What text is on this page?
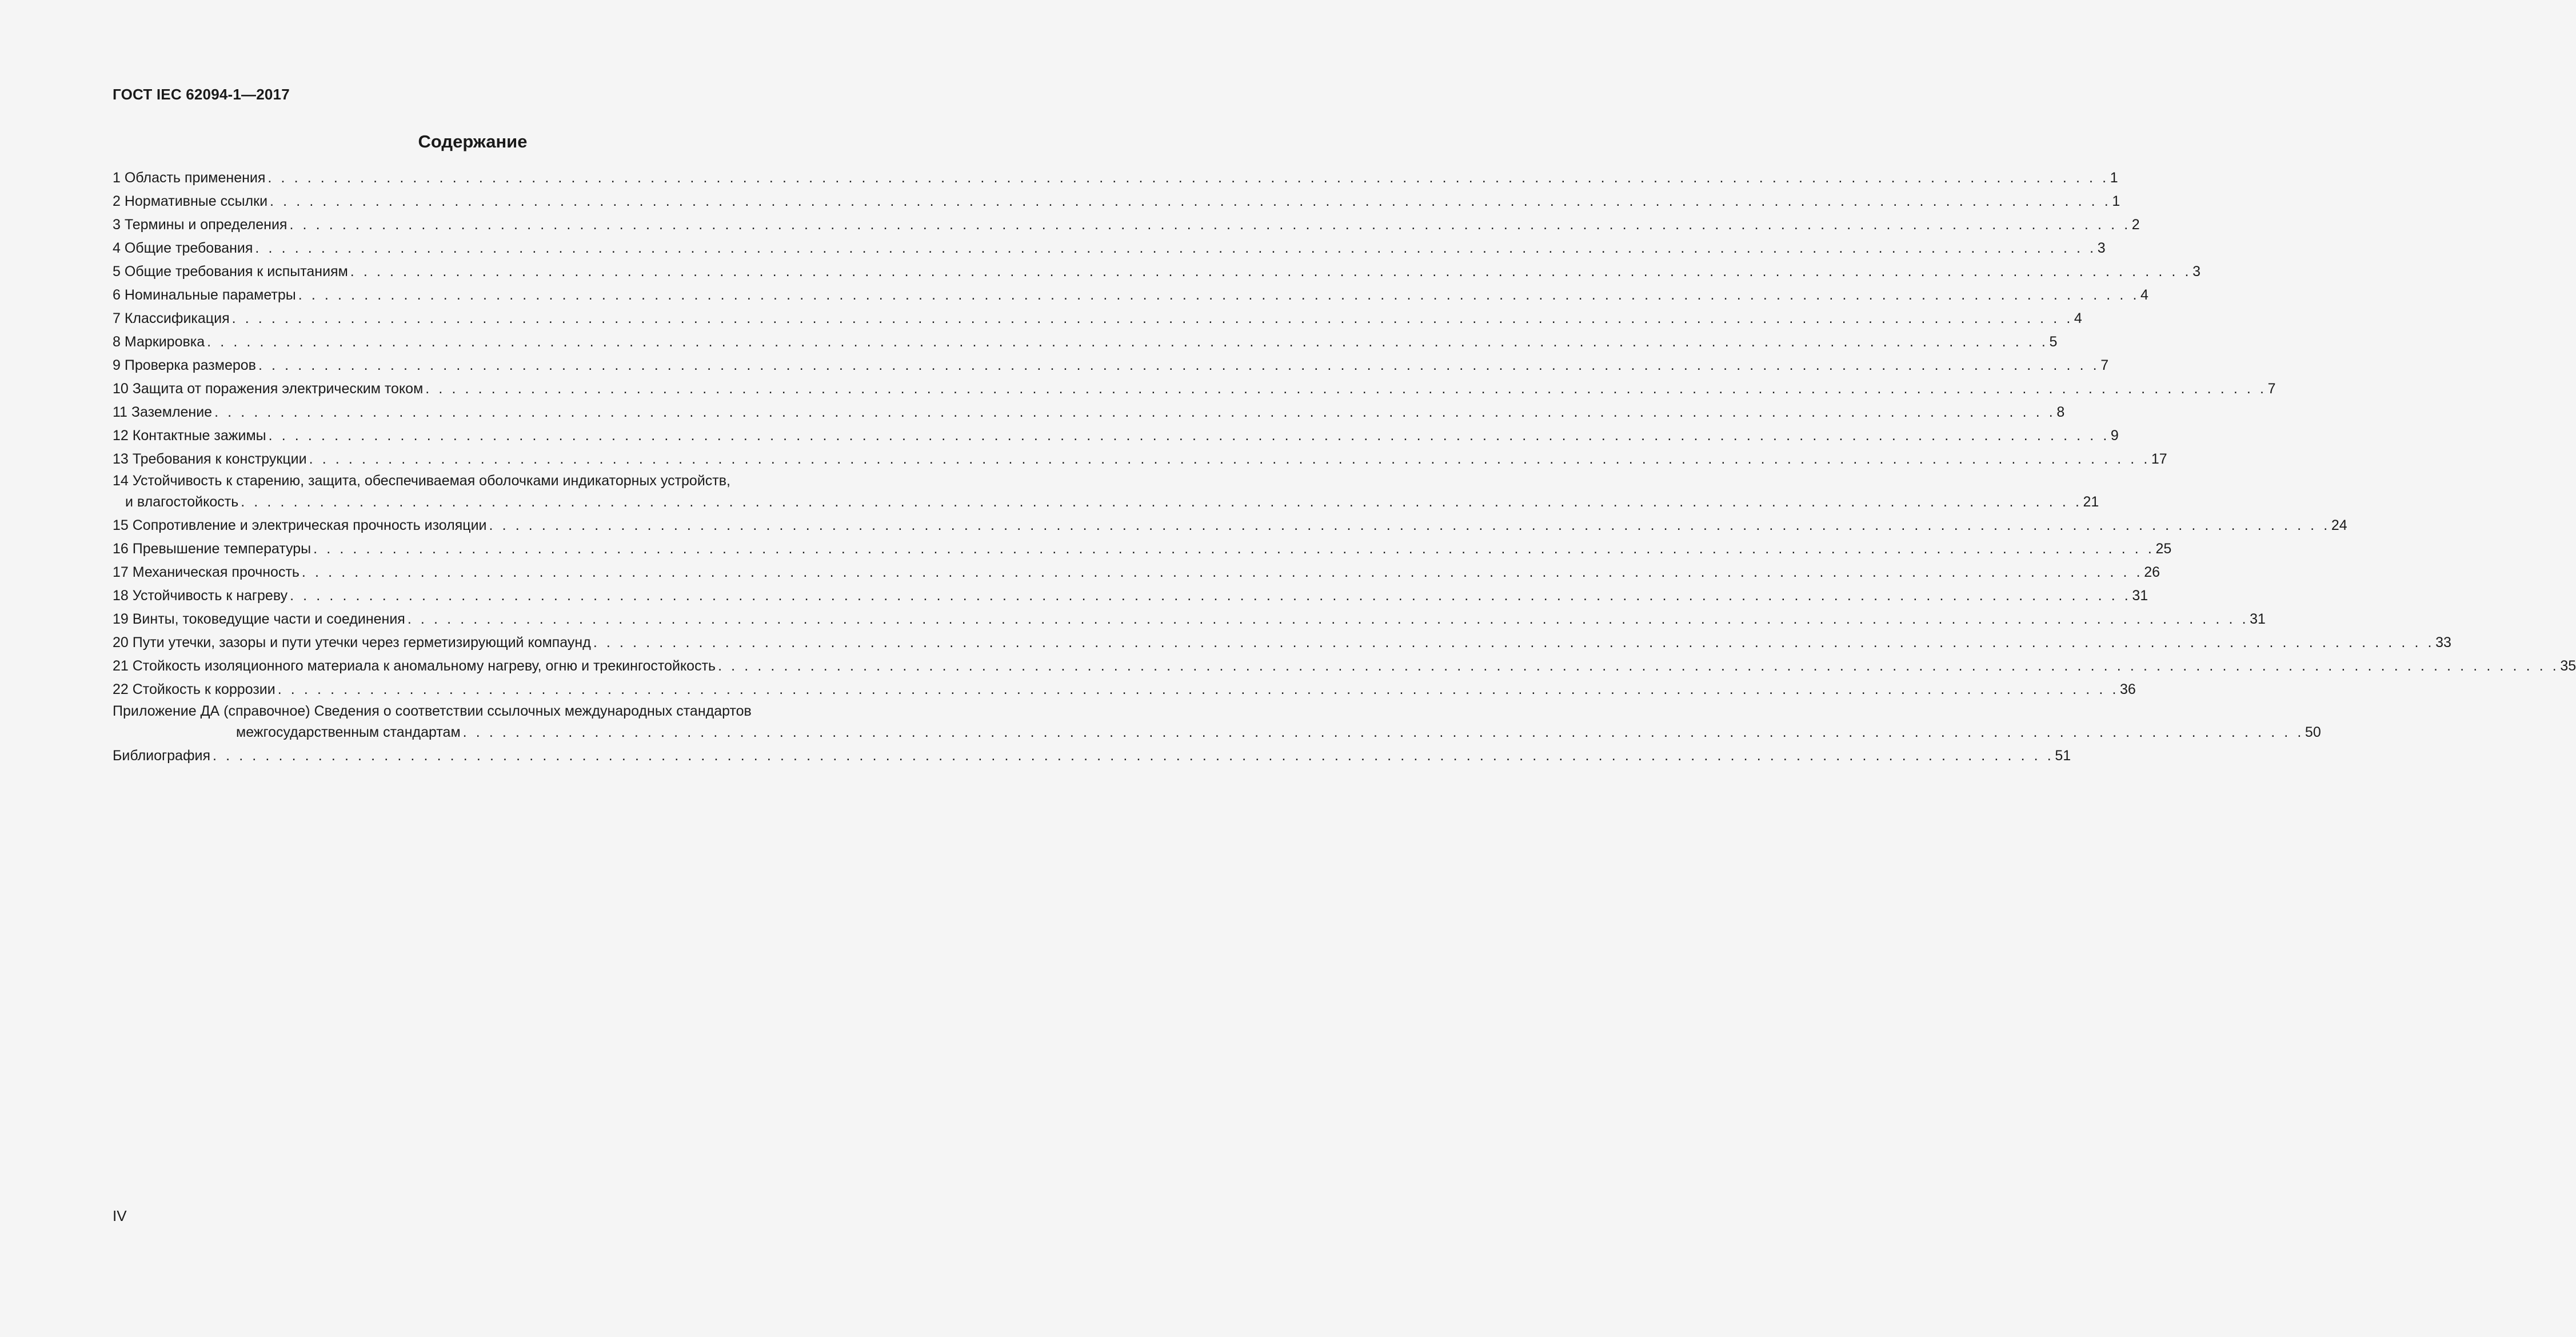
ГОСТ IEC 62094-1—2017
Содержание
1 Область применения . . . . . . . . . . . . . . . . . . . . . . . . . . . . . . . . . . . . . . . . . . . . . . . . . . . . . . . . . . . . . . . . . . . . . . . . . . . . . . . . . . . . . . . . . . . . . . . . . . . . . . . . . . . . . . . . . . . . . . . . . . . . . . . . . . . . . . . . . . . . 1
2 Нормативные ссылки . . . . . . . . . . . . . . . . . . . . . . . . . . . . . . . . . . . . . . . . . . . . . . . . . . . . . . . . . . . . . . . . . . . . . . . . . . . . . . . . . . . . . . . . . . . . . . . . . . . . . . . . . . . . . . . . . . . . . . . . . . . . . . . . . . . . . . . . . . . . 1
3 Термины и определения . . . . . . . . . . . . . . . . . . . . . . . . . . . . . . . . . . . . . . . . . . . . . . . . . . . . . . . . . . . . . . . . . . . . . . . . . . . . . . . . . . . . . . . . . . . . . . . . . . . . . . . . . . . . . . . . . . . . . . . . . . . . . . . . . . . . . . . . . . . . 2
4 Общие требования . . . . . . . . . . . . . . . . . . . . . . . . . . . . . . . . . . . . . . . . . . . . . . . . . . . . . . . . . . . . . . . . . . . . . . . . . . . . . . . . . . . . . . . . . . . . . . . . . . . . . . . . . . . . . . . . . . . . . . . . . . . . . . . . . . . . . . . . . . . . 3
5 Общие требования к испытаниям . . . . . . . . . . . . . . . . . . . . . . . . . . . . . . . . . . . . . . . . . . . . . . . . . . . . . . . . . . . . . . . . . . . . . . . . . . . . . . . . . . . . . . . . . . . . . . . . . . . . . . . . . . . . . . . . . . . . . . . . . . . . . . . . . . . . . . . . . . . . 3
6 Номинальные параметры . . . . . . . . . . . . . . . . . . . . . . . . . . . . . . . . . . . . . . . . . . . . . . . . . . . . . . . . . . . . . . . . . . . . . . . . . . . . . . . . . . . . . . . . . . . . . . . . . . . . . . . . . . . . . . . . . . . . . . . . . . . . . . . . . . . . . . . . . . . . 4
7 Классификация . . . . . . . . . . . . . . . . . . . . . . . . . . . . . . . . . . . . . . . . . . . . . . . . . . . . . . . . . . . . . . . . . . . . . . . . . . . . . . . . . . . . . . . . . . . . . . . . . . . . . . . . . . . . . . . . . . . . . . . . . . . . . . . . . . . . . . . . . . . . 4
8 Маркировка . . . . . . . . . . . . . . . . . . . . . . . . . . . . . . . . . . . . . . . . . . . . . . . . . . . . . . . . . . . . . . . . . . . . . . . . . . . . . . . . . . . . . . . . . . . . . . . . . . . . . . . . . . . . . . . . . . . . . . . . . . . . . . . . . . . . . . . . . . . . 5
9 Проверка размеров . . . . . . . . . . . . . . . . . . . . . . . . . . . . . . . . . . . . . . . . . . . . . . . . . . . . . . . . . . . . . . . . . . . . . . . . . . . . . . . . . . . . . . . . . . . . . . . . . . . . . . . . . . . . . . . . . . . . . . . . . . . . . . . . . . . . . . . . . . . . 7
10 Защита от поражения электрическим током . . . . . . . . . . . . . . . . . . . . . . . . . . . . . . . . . . . . . . . . . . . . . . . . . . . . . . . . . . . . . . . . . . . . . . . . . . . . . . . . . . . . . . . . . . . . . . . . . . . . . . . . . . . . . . . . . . . . . . . . . . . . . . . . . . . . . . . . . . . . 7
11 Заземление . . . . . . . . . . . . . . . . . . . . . . . . . . . . . . . . . . . . . . . . . . . . . . . . . . . . . . . . . . . . . . . . . . . . . . . . . . . . . . . . . . . . . . . . . . . . . . . . . . . . . . . . . . . . . . . . . . . . . . . . . . . . . . . . . . . . . . . . . . . . 8
12 Контактные зажимы . . . . . . . . . . . . . . . . . . . . . . . . . . . . . . . . . . . . . . . . . . . . . . . . . . . . . . . . . . . . . . . . . . . . . . . . . . . . . . . . . . . . . . . . . . . . . . . . . . . . . . . . . . . . . . . . . . . . . . . . . . . . . . . . . . . . . . . . . . . . 9
13 Требования к конструкции . . . . . . . . . . . . . . . . . . . . . . . . . . . . . . . . . . . . . . . . . . . . . . . . . . . . . . . . . . . . . . . . . . . . . . . . . . . . . . . . . . . . . . . . . . . . . . . . . . . . . . . . . . . . . . . . . . . . . . . . . . . . . . . . . . . . . . . . . . . . 17
14 Устойчивость к старению, защита, обеспечиваемая оболочками индикаторных устройств,
и влагостойкость . . . . . . . . . . . . . . . . . . . . . . . . . . . . . . . . . . . . . . . . . . . . . . . . . . . . . . . . . . . . . . . . . . . . . . . . . . . . . . . . . . . . . . . . . . . . . . . . . . . . . . . . . . . . . . . . . . . . . . . . . . . . . . . . . . . . . . . . . . . . 21
15 Сопротивление и электрическая прочность изоляции . . . . . . . . . . . . . . . . . . . . . . . . . . . . . . . . . . . . . . . . . . . . . . . . . . . . . . . . . . . . . . . . . . . . . . . . . . . . . . . . . . . . . . . . . . . . . . . . . . . . . . . . . . . . . . . . . . . . . . . . . . . . . . . . . . . . . . . . . . . . 24
16 Превышение температуры . . . . . . . . . . . . . . . . . . . . . . . . . . . . . . . . . . . . . . . . . . . . . . . . . . . . . . . . . . . . . . . . . . . . . . . . . . . . . . . . . . . . . . . . . . . . . . . . . . . . . . . . . . . . . . . . . . . . . . . . . . . . . . . . . . . . . . . . . . . . 25
17 Механическая прочность . . . . . . . . . . . . . . . . . . . . . . . . . . . . . . . . . . . . . . . . . . . . . . . . . . . . . . . . . . . . . . . . . . . . . . . . . . . . . . . . . . . . . . . . . . . . . . . . . . . . . . . . . . . . . . . . . . . . . . . . . . . . . . . . . . . . . . . . . . . . 26
18 Устойчивость к нагреву . . . . . . . . . . . . . . . . . . . . . . . . . . . . . . . . . . . . . . . . . . . . . . . . . . . . . . . . . . . . . . . . . . . . . . . . . . . . . . . . . . . . . . . . . . . . . . . . . . . . . . . . . . . . . . . . . . . . . . . . . . . . . . . . . . . . . . . . . . . . 31
19 Винты, токоведущие части и соединения . . . . . . . . . . . . . . . . . . . . . . . . . . . . . . . . . . . . . . . . . . . . . . . . . . . . . . . . . . . . . . . . . . . . . . . . . . . . . . . . . . . . . . . . . . . . . . . . . . . . . . . . . . . . . . . . . . . . . . . . . . . . . . . . . . . . . . . . . . . . 31
20 Пути утечки, зазоры и пути утечки через герметизирующий компаунд . . . . . . . . . . . . . . . . . . . . . . . . . . . . . . . . . . . . . . . . . . . . . . . . . . . . . . . . . . . . . . . . . . . . . . . . . . . . . . . . . . . . . . . . . . . . . . . . . . . . . . . . . . . . . . . . . . . . . . . . . . . . . . . . . . . . . . . . . . . . 33
21 Стойкость изоляционного материала к аномальному нагреву, огню и трекингостойкость . . . . . . . . . . . . . . . . . . . . . . . . . . . . . . . . . . . . . . . . . . . . . . . . . . . . . . . . . . . . . . . . . . . . . . . . . . . . . . . . . . . . . . . . . . . . . . . . . . . . . . . . . . . . . . . . . . . . . . . . . . . . . . . . . . . . . . . . . . . . 35
22 Стойкость к коррозии . . . . . . . . . . . . . . . . . . . . . . . . . . . . . . . . . . . . . . . . . . . . . . . . . . . . . . . . . . . . . . . . . . . . . . . . . . . . . . . . . . . . . . . . . . . . . . . . . . . . . . . . . . . . . . . . . . . . . . . . . . . . . . . . . . . . . . . . . . . . 36
Приложение ДА (справочное) Сведения о соответствии ссылочных международных стандартов
межгосударственным стандартам . . . . . . . . . . . . . . . . . . . . . . . . . . . . . . . . . . . . . . . . . . . . . . . . . . . . . . . . . . . . . . . . . . . . . . . . . . . . . . . . . . . . . . . . . . . . . . . . . . . . . . . . . . . . . . . . . . . . . . . . . . . . . . . . . . . . . . . . . . . . 50
Библиография . . . . . . . . . . . . . . . . . . . . . . . . . . . . . . . . . . . . . . . . . . . . . . . . . . . . . . . . . . . . . . . . . . . . . . . . . . . . . . . . . . . . . . . . . . . . . . . . . . . . . . . . . . . . . . . . . . . . . . . . . . . . . . . . . . . . . . . . . . . . 51
IV
